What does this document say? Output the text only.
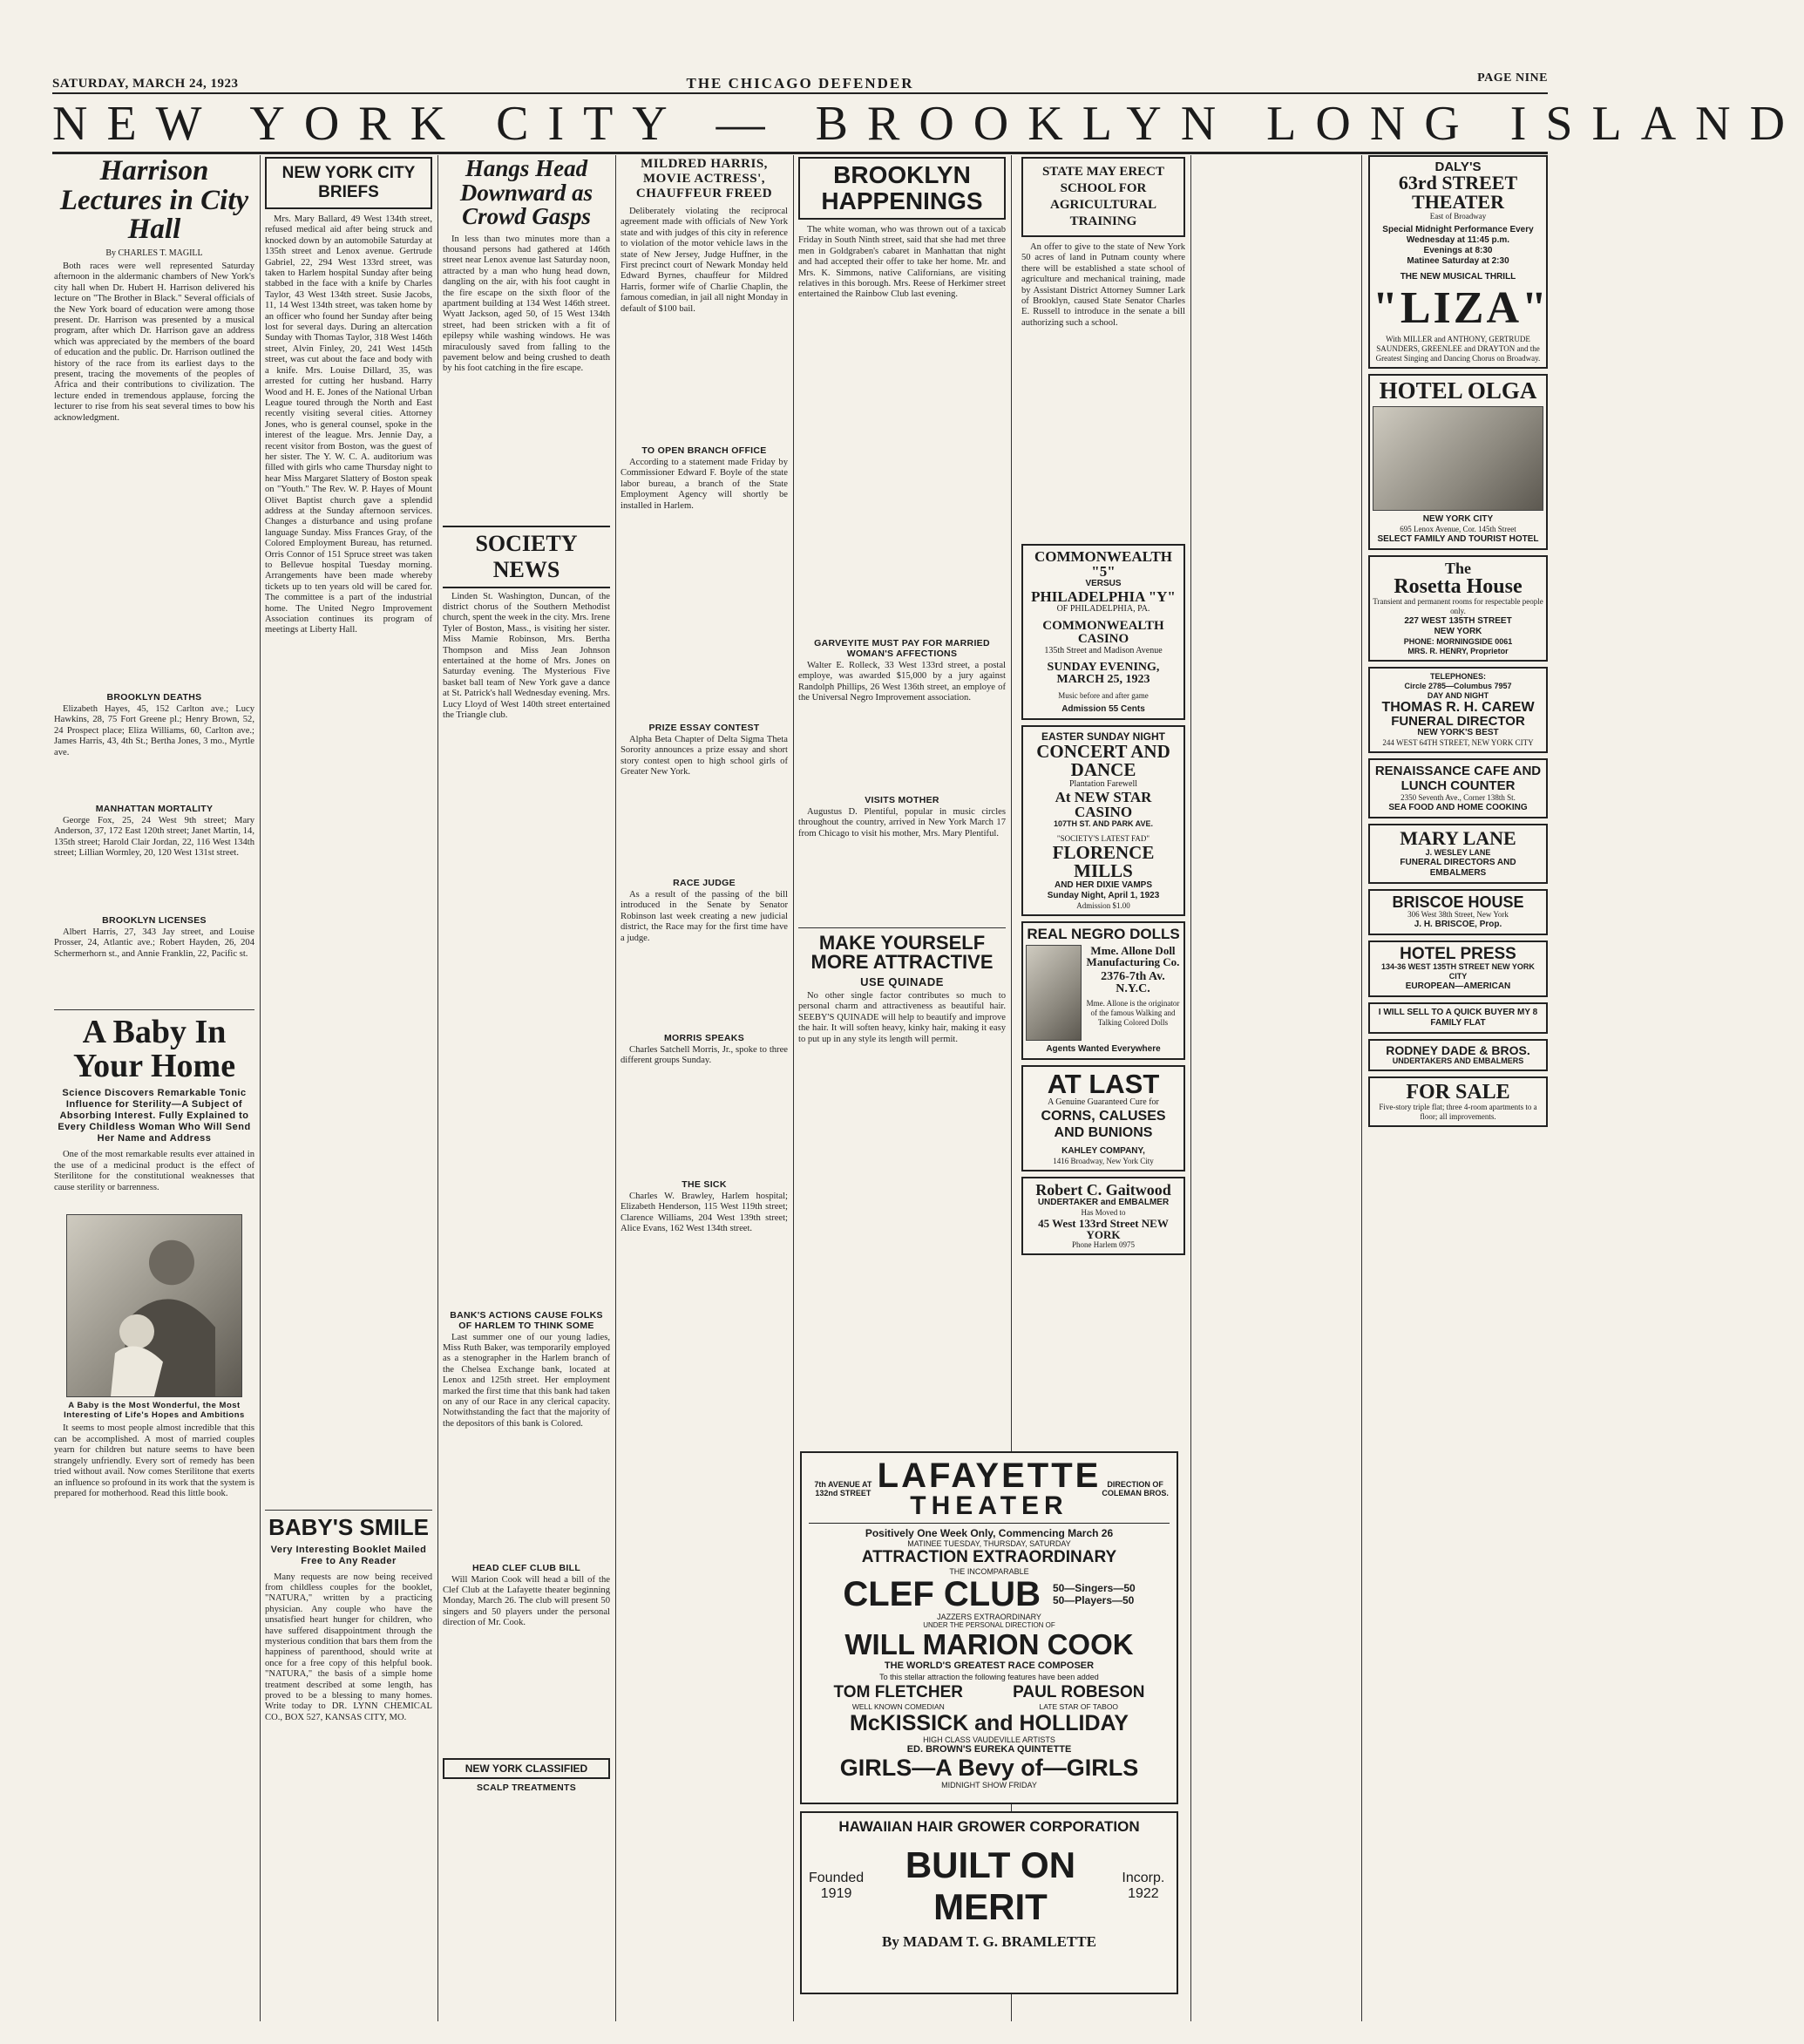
SATURDAY, MARCH 24, 1923	THE CHICAGO DEFENDER	PAGE NINE
NEW YORK CITY — BROOKLYN LONG ISLAND
Harrison Lectures in City Hall
By CHARLES T. MAGILL

Both races were well represented Saturday afternoon in the aldermanic chambers of New York's city hall when Dr. Hubert H. Harrison delivered his lecture on "The Brother in Black." Several officials of the New York board of education were among those present. Dr. Harrison was presented by a musical program, after which Dr. Harrison gave an address which was appreciated by the members of the board of education and the public. Dr. Harrison outlined the history of the race from its earliest days to the present, tracing the movements of the peoples of Africa and their contributions to civilization. The lecture ended in tremendous applause, forcing the lecturer to rise from his seat several times to bow his acknowledgment.

BROOKLYN DEATHS

Elizabeth Hayes, 45, 152 Carlton ave.; Lucy Hawkins, 28, 75 Fort Greene pl.; Henry Brown, 52, 24 Prospect place; Eliza Williams, 60, Carlton ave.; James Harris, 43, 4th St.; Bertha Jones, 3 mo., Myrtle ave.

MANHATTAN MORTALITY

George Fox, 25, 24 West 9th street; Mary Anderson, 37, 172 East 120th street; Janet Martin, 14, 135th street; Harold Clair Jordan, 22, 116 West 134th street; Lillian Wormley, 20, 120 West 131st street.

BROOKLYN LICENSES

Albert Harris, 27, 343 Jay street, and Louise Prosser, 24, Atlantic ave.; Robert Hayden, 26, 204 Schermerhorn st., and Annie Franklin, 22, Pacific st.

A Baby In Your Home
Science Discovers Remarkable Tonic Influence for Sterility—A Subject of Absorbing Interest. Fully Explained to Every Childless Woman Who Will Send Her Name and Address

One of the most remarkable results ever attained in the use of a medicinal product is the effect of Sterilitone for the constitutional weaknesses that cause sterility or barrenness.

A Baby is the Most Wonderful, the Most Interesting of Life's Hopes and Ambitions

It seems to most people almost incredible that this can be accomplished. A most of married couples yearn for children but nature seems to have been strangely unfriendly. Every sort of remedy has been tried without avail. Now comes Sterilitone that exerts an influence so profound in its work that the system is prepared for motherhood. Read this little book.

NEW YORK CITY BRIEFS

Mrs. Mary Ballard, 49 West 134th street, refused medical aid after being struck and knocked down by an automobile Saturday at 135th street and Lenox avenue. Gertrude Gabriel, 22, 294 West 133rd street, was taken to Harlem hospital Sunday after being stabbed in the face with a knife by Charles Taylor, 43 West 134th street. Susie Jacobs, 11, 14 West 134th street, was taken home by an officer who found her Sunday after being lost for several days. During an altercation Sunday with Thomas Taylor, 318 West 146th street, Alvin Finley, 20, 241 West 145th street, was cut about the face and body with a knife. Mrs. Louise Dillard, 35, was arrested for cutting her husband. Harry Wood and H. E. Jones of the National Urban League toured through the North and East recently visiting several cities. Attorney Jones, who is general counsel, spoke in the interest of the league. Mrs. Jennie Day, a recent visitor from Boston, was the guest of her sister. The Y. W. C. A. auditorium was filled with girls who came Thursday night to hear Miss Margaret Slattery of Boston speak on "Youth." The Rev. W. P. Hayes of Mount Olivet Baptist church gave a splendid address at the Sunday afternoon services. Changes a disturbance and using profane language Sunday. Miss Frances Gray, of the Colored Employment Bureau, has returned. Orris Connor of 151 Spruce street was taken to Bellevue hospital Tuesday morning. Arrangements have been made whereby tickets up to ten years old will be cared for. The committee is a part of the industrial home. The United Negro Improvement Association continues its program of meetings at Liberty Hall.

BABY'S SMILE
Very Interesting Booklet Mailed Free to Any Reader

Many requests are now being received from childless couples for the booklet, "NATURA," written by a practicing physician. Any couple who have the unsatisfied heart hunger for children, who have suffered disappointment through the mysterious condition that bars them from the happiness of parenthood, should write at once for a free copy of this helpful book. "NATURA," the basis of a simple home treatment described at some length, has proved to be a blessing to many homes. Write today to DR. LYNN CHEMICAL CO., BOX 527, KANSAS CITY, MO.

Hangs Head Downward as Crowd Gasps

In less than two minutes more than a thousand persons had gathered at 146th street near Lenox avenue last Saturday noon, attracted by a man who hung head down, dangling on the air, with his foot caught in the fire escape on the sixth floor of the apartment building at 134 West 146th street. Wyatt Jackson, aged 50, of 15 West 134th street, had been stricken with a fit of epilepsy while washing windows. He was miraculously saved from falling to the pavement below and being crushed to death by his foot catching in the fire escape.

SOCIETY NEWS

Linden St. Washington, Duncan, of the district chorus of the Southern Methodist church, spent the week in the city. Mrs. Irene Tyler of Boston, Mass., is visiting her sister. Miss Mamie Robinson, Mrs. Bertha Thompson and Miss Jean Johnson entertained at the home of Mrs. Jones on Saturday evening. The Mysterious Five basket ball team of New York gave a dance at St. Patrick's hall Wednesday evening. Mrs. Lucy Lloyd of West 140th street entertained the Triangle club.

BANK'S ACTIONS CAUSE FOLKS OF HARLEM TO THINK SOME

Last summer one of our young ladies, Miss Ruth Baker, was temporarily employed as a stenographer in the Harlem branch of the Chelsea Exchange bank, located at Lenox and 125th street. Her employment marked the first time that this bank had taken on any of our Race in any clerical capacity. Notwithstanding the fact that the majority of the depositors of this bank is Colored.

HEAD CLEF CLUB BILL

Will Marion Cook will head a bill of the Clef Club at the Lafayette theater beginning Monday, March 26. The club will present 50 singers and 50 players under the personal direction of Mr. Cook.

NEW YORK CLASSIFIED
SCALP TREATMENTS
MILDRED HARRIS, MOVIE ACTRESS', CHAUFFEUR FREED

Deliberately violating the reciprocal agreement made with officials of New York state and with judges of this city in reference to violation of the motor vehicle laws in the state of New Jersey, Judge Huffner, in the First precinct court of Newark Monday held Edward Byrnes, chauffeur for Mildred Harris, former wife of Charlie Chaplin, the famous comedian, in jail all night Monday in default of $100 bail.

TO OPEN BRANCH OFFICE

According to a statement made Friday by Commissioner Edward F. Boyle of the state labor bureau, a branch of the State Employment Agency will shortly be installed in Harlem.

PRIZE ESSAY CONTEST

Alpha Beta Chapter of Delta Sigma Theta Sorority announces a prize essay and short story contest open to high school girls of Greater New York.

RACE JUDGE

As a result of the passing of the bill introduced in the Senate by Senator Robinson last week creating a new judicial district, the Race may for the first time have a judge.

MORRIS SPEAKS

Charles Satchell Morris, Jr., spoke to three different groups Sunday.

THE SICK

Charles W. Brawley, Harlem hospital; Elizabeth Henderson, 115 West 119th street; Clarence Williams, 204 West 139th street; Alice Evans, 162 West 134th street.

BROOKLYN HAPPENINGS

The white woman, who was thrown out of a taxicab Friday in South Ninth street, said that she had met three men in Goldgraben's cabaret in Manhattan that night and had accepted their offer to take her home. Mr. and Mrs. K. Simmons, native Californians, are visiting relatives in this borough. Mrs. Reese of Herkimer street entertained the Rainbow Club last evening.

GARVEYITE MUST PAY FOR MARRIED WOMAN'S AFFECTIONS

Walter E. Rolleck, 33 West 133rd street, a postal employe, was awarded $15,000 by a jury against Randolph Phillips, 26 West 136th street, an employe of the Universal Negro Improvement association.

VISITS MOTHER

Augustus D. Plentiful, popular in music circles throughout the country, arrived in New York March 17 from Chicago to visit his mother, Mrs. Mary Plentiful.

MAKE YOURSELF
MORE ATTRACTIVE
USE QUINADE

No other single factor contributes so much to personal charm and attractiveness as beautiful hair. SEEBY'S QUINADE will help to beautify and improve the hair. It will soften heavy, kinky hair, making it easy to put up in any style its length will permit.

7th AVENUE AT 132nd STREET LAFAYETTE
THEATER
DIRECTION OF COLEMAN BROS.
Positively One Week Only, Commencing March 26
MATINEE TUESDAY, THURSDAY, SATURDAY
ATTRACTION EXTRAORDINARY
THE INCOMPARABLE
CLEF CLUB 50—Singers—50
50—Players—50
JAZZERS EXTRAORDINARY
UNDER THE PERSONAL DIRECTION OF
WILL MARION COOK
THE WORLD'S GREATEST RACE COMPOSER
To this stellar attraction the following features have been added
TOM FLETCHER
WELL KNOWN COMEDIAN
PAUL ROBESON
LATE STAR OF TABOO
McKISSICK and HOLLIDAY
HIGH CLASS VAUDEVILLE ARTISTS
ED. BROWN'S EUREKA QUINTETTE
GIRLS—A Bevy of—GIRLS
MIDNIGHT SHOW FRIDAY
HAWAIIAN HAIR GROWER CORPORATION
Founded 1919
BUILT ON MERIT
Incorp. 1922
By MADAM T. G. BRAMLETTE
STATE MAY ERECT SCHOOL FOR AGRICULTURAL TRAINING

An offer to give to the state of New York 50 acres of land in Putnam county where there will be established a state school of agriculture and mechanical training, made by Assistant District Attorney Sumner Lark of Brooklyn, caused State Senator Charles E. Russell to introduce in the senate a bill authorizing such a school.

COMMONWEALTH "5"
VERSUS
PHILADELPHIA "Y"
OF PHILADELPHIA, PA.
COMMONWEALTH CASINO
135th Street and Madison Avenue
SUNDAY EVENING,
MARCH 25, 1923
Music before and after game
Admission 55 Cents
EASTER SUNDAY NIGHT
CONCERT AND DANCE
Plantation Farewell
At NEW STAR CASINO
107TH ST. AND PARK AVE.
"SOCIETY'S LATEST FAD"
FLORENCE MILLS
AND HER DIXIE VAMPS
Sunday Night, April 1, 1923
Admission $1.00
REAL NEGRO DOLLS
Mme. Allone Doll Manufacturing Co.
2376-7th Av. N.Y.C.
Mme. Allone is the originator of the famous Walking and Talking Colored Dolls
Agents Wanted Everywhere
AT LAST
A Genuine Guaranteed Cure for
CORNS, CALUSES AND BUNIONS
KAHLEY COMPANY,
1416 Broadway, New York City
Robert C. Gaitwood
UNDERTAKER and EMBALMER
Has Moved to
45 West 133rd Street NEW YORK
Phone Harlem 0975
DALY'S
63rd STREET THEATER
East of Broadway
Special Midnight Performance Every Wednesday at 11:45 p.m.
Evenings at 8:30
Matinee Saturday at 2:30
THE NEW MUSICAL THRILL
"LIZA"
With MILLER and ANTHONY, GERTRUDE SAUNDERS, GREENLEE and DRAYTON and the Greatest Singing and Dancing Chorus on Broadway.
HOTEL OLGA
NEW YORK CITY
695 Lenox Avenue, Cor. 145th Street
SELECT FAMILY AND TOURIST HOTEL
The
Rosetta House
Transient and permanent rooms for respectable people only.
227 WEST 135TH STREET
NEW YORK
PHONE: MORNINGSIDE 0061
MRS. R. HENRY, Proprietor
TELEPHONES:
Circle 2785—Columbus 7957
DAY AND NIGHT
THOMAS R. H. CAREW
FUNERAL DIRECTOR
NEW YORK'S BEST
244 WEST 64TH STREET, NEW YORK CITY
RENAISSANCE CAFE AND LUNCH COUNTER
2350 Seventh Ave., Corner 138th St.
SEA FOOD AND HOME COOKING
MARY LANE
J. WESLEY LANE
FUNERAL DIRECTORS AND EMBALMERS
BRISCOE HOUSE
306 West 38th Street, New York
J. H. BRISCOE, Prop.
HOTEL PRESS
134-36 WEST 135TH STREET NEW YORK CITY
EUROPEAN—AMERICAN
I WILL SELL TO A QUICK BUYER MY 8 FAMILY FLAT
RODNEY DADE & BROS.
UNDERTAKERS AND EMBALMERS
FOR SALE
Five-story triple flat; three 4-room apartments to a floor; all improvements.
